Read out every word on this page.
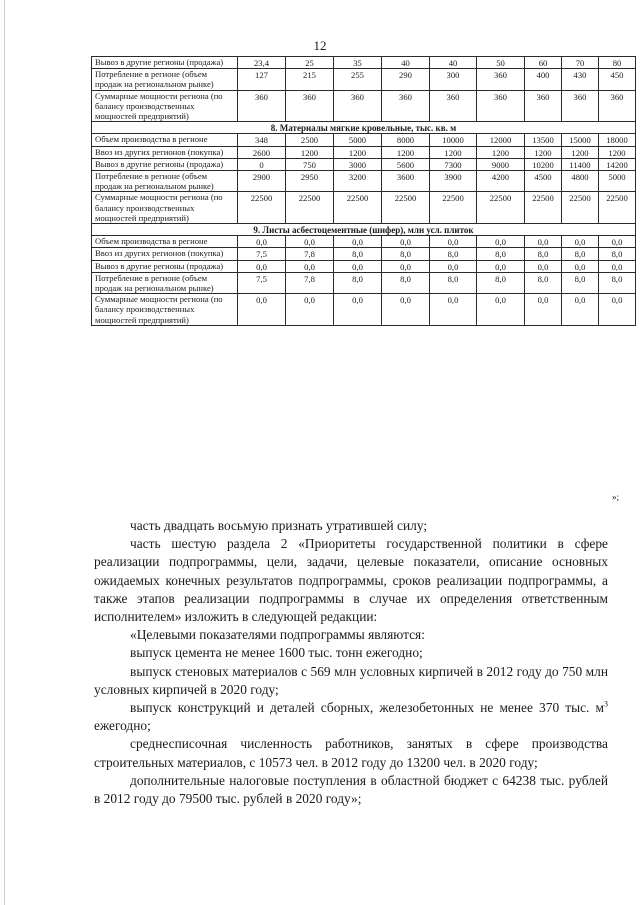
12
Вывоз в другие регионы (продажа)	23,4	25	35	40	40	50	60	70	80
Потребление в регионе (объем продаж на региональном рынке)	127	215	255	290	300	360	400	430	450
Суммарные мощности региона (по балансу производственных мощностей предприятий)	360	360	360	360	360	360	360	360	360
8. Материалы мягкие кровельные, тыс. кв. м									
Объем производства в регионе	348	2500	5000	8000	10000	12000	13500	15000	18000
Ввоз из других регионов (покупка)	2600	1200	1200	1200	1200	1200	1200	1200	1200
Вывоз в другие регионы (продажа)	0	750	3000	5600	7300	9000	10200	11400	14200
Потребление в регионе (объем продаж на региональном рынке)	2900	2950	3200	3600	3900	4200	4500	4800	5000
Суммарные мощности региона (по балансу производственных мощностей предприятий)	22500	22500	22500	22500	22500	22500	22500	22500	22500
9. Листы асбестоцементные (шифер), млн усл. плиток									
Объем производства в регионе	0,0	0,0	0,0	0,0	0,0	0,0	0,0	0,0	0,0
Ввоз из других регионов (покупка)	7,5	7,8	8,0	8,0	8,0	8,0	8,0	8,0	8,0
Вывоз в другие регионы (продажа)	0,0	0,0	0,0	0,0	0,0	0,0	0,0	0,0	0,0
Потребление в регионе (объем продаж на региональном рынке)	7,5	7,8	8,0	8,0	8,0	8,0	8,0	8,0	8,0
Суммарные мощности региона (по балансу производственных мощностей предприятий)	0,0	0,0	0,0	0,0	0,0	0,0	0,0	0,0	0,0
»;

часть двадцать восьмую признать утратившей силу;

часть шестую раздела 2 «Приоритеты государственной политики в сфере реализации подпрограммы, цели, задачи, целевые показатели, описание основных ожидаемых конечных результатов подпрограммы, сроков реализации подпрограммы, а также этапов реализации подпрограммы в случае их определения ответственным исполнителем» изложить в следующей редакции:

«Целевыми показателями подпрограммы являются:

выпуск цемента не менее 1600 тыс. тонн ежегодно;

выпуск стеновых материалов с 569 млн условных кирпичей в 2012 году до 750 млн условных кирпичей в 2020 году;

выпуск конструкций и деталей сборных, железобетонных не менее 370 тыс. $м^3$ ежегодно;

среднесписочная численность работников, занятых в сфере производства строительных материалов, с 10573 чел. в 2012 году до 13200 чел. в 2020 году;

дополнительные налоговые поступления в областной бюджет с 64238 тыс. рублей в 2012 году до 79500 тыс. рублей в 2020 году»;
